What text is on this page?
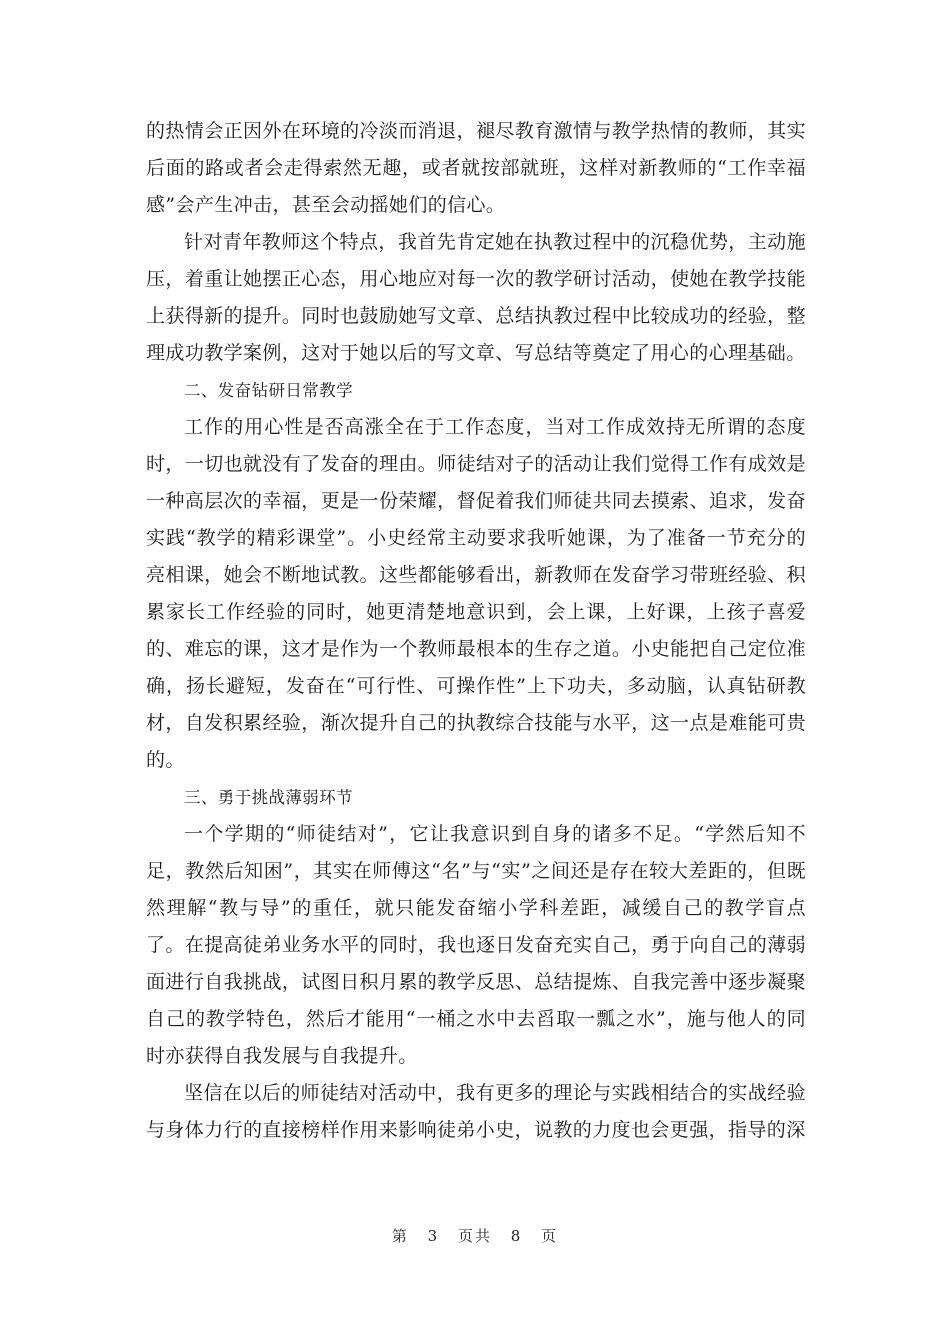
的热情会正因外在环境的冷淡而消退，褪尽教育激情与教学热情的教师，其实后面的路或者会走得索然无趣，或者就按部就班，这样对新教师的“工作幸福感”会产生冲击，甚至会动摇她们的信心。

针对青年教师这个特点，我首先肯定她在执教过程中的沉稳优势，主动施压，着重让她摆正心态，用心地应对每一次的教学研讨活动，使她在教学技能上获得新的提升。同时也鼓励她写文章、总结执教过程中比较成功的经验，整理成功教学案例，这对于她以后的写文章、写总结等奠定了用心的心理基础。

二、发奋钻研日常教学

工作的用心性是否高涨全在于工作态度，当对工作成效持无所谓的态度时，一切也就没有了发奋的理由。师徒结对子的活动让我们觉得工作有成效是一种高层次的幸福，更是一份荣耀，督促着我们师徒共同去摸索、追求，发奋实践“教学的精彩课堂”。小史经常主动要求我听她课，为了准备一节充分的亮相课，她会不断地试教。这些都能够看出，新教师在发奋学习带班经验、积累家长工作经验的同时，她更清楚地意识到，会上课，上好课，上孩子喜爱的、难忘的课，这才是作为一个教师最根本的生存之道。小史能把自己定位准确，扬长避短，发奋在“可行性、可操作性”上下功夫，多动脑，认真钻研教材，自发积累经验，渐次提升自己的执教综合技能与水平，这一点是难能可贵的。

三、勇于挑战薄弱环节

一个学期的“师徒结对”，它让我意识到自身的诸多不足。“学然后知不足，教然后知困”，其实在师傅这“名”与“实”之间还是存在较大差距的，但既然理解“教与导”的重任，就只能发奋缩小学科差距，减缓自己的教学盲点了。在提高徒弟业务水平的同时，我也逐日发奋充实自己，勇于向自己的薄弱面进行自我挑战，试图日积月累的教学反思、总结提炼、自我完善中逐步凝聚自己的教学特色，然后才能用“一桶之水中去舀取一瓢之水”，施与他人的同时亦获得自我发展与自我提升。

坚信在以后的师徒结对活动中，我有更多的理论与实践相结合的实战经验与身体力行的直接榜样作用来影响徒弟小史，说教的力度也会更强，指导的深

第 3 页共 8 页
